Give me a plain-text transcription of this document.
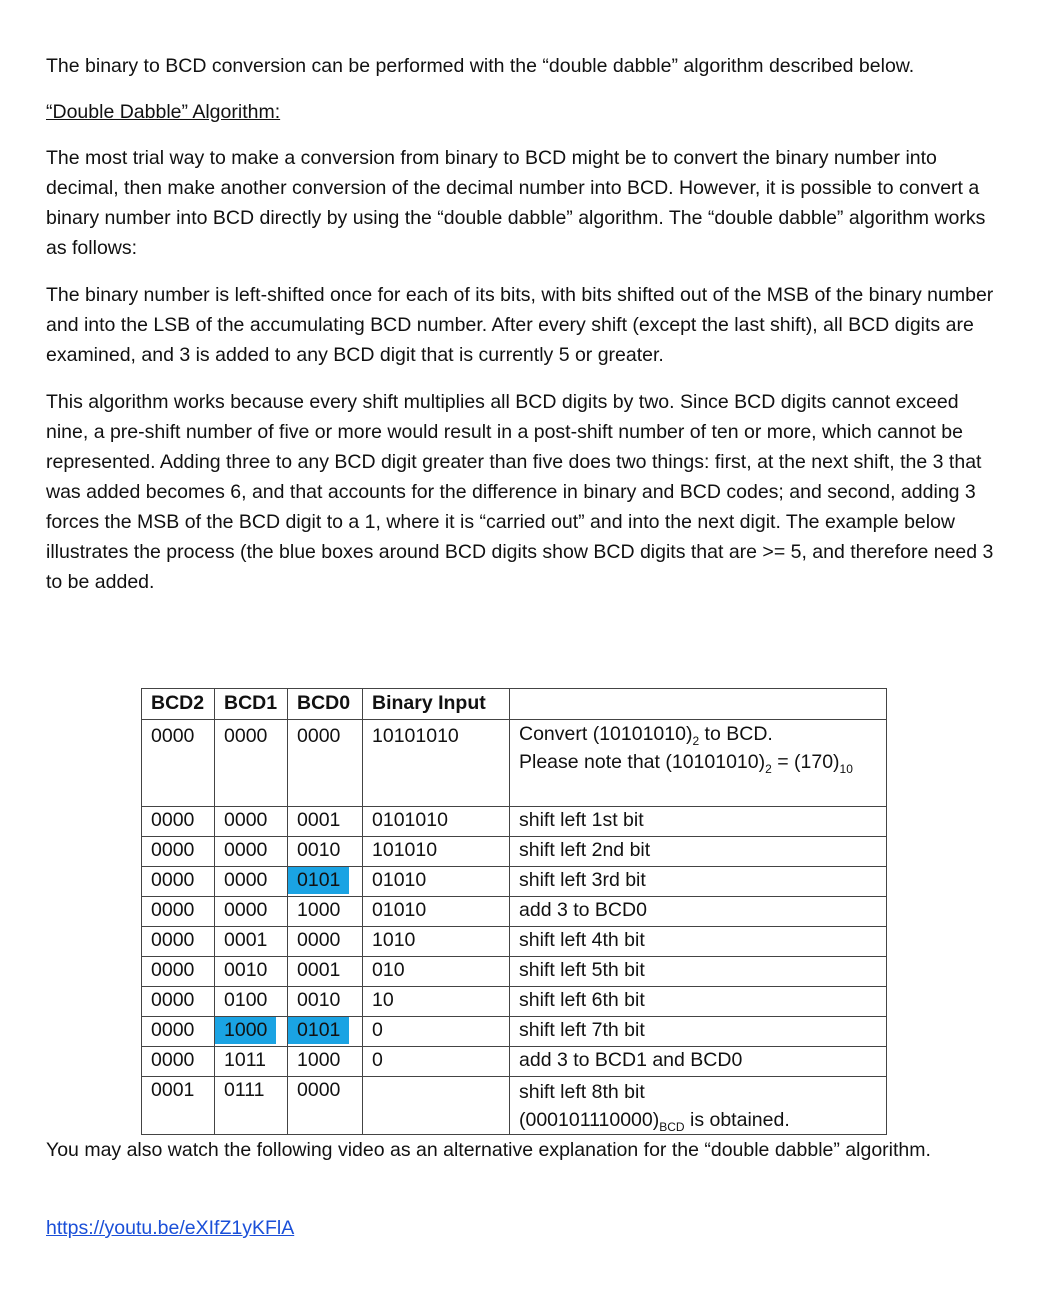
The binary to BCD conversion can be performed with the “double dabble” algorithm described below.

“Double Dabble” Algorithm:

The most trial way to make a conversion from binary to BCD might be to convert the binary number into decimal, then make another conversion of the decimal number into BCD. However, it is possible to convert a binary number into BCD directly by using the “double dabble” algorithm. The “double dabble” algorithm works as follows:

The binary number is left-shifted once for each of its bits, with bits shifted out of the MSB of the binary number and into the LSB of the accumulating BCD number. After every shift (except the last shift), all BCD digits are examined, and 3 is added to any BCD digit that is currently 5 or greater.

This algorithm works because every shift multiplies all BCD digits by two. Since BCD digits cannot exceed nine, a pre-shift number of five or more would result in a post-shift number of ten or more, which cannot be represented. Adding three to any BCD digit greater than five does two things: first, at the next shift, the 3 that was added becomes 6, and that accounts for the difference in binary and BCD codes; and second, adding 3 forces the MSB of the BCD digit to a 1, where it is “carried out” and into the next digit. The example below illustrates the process (the blue boxes around BCD digits show BCD digits that are >= 5, and therefore need 3 to be added.

BCD2	BCD1	BCD0	Binary Input	
0000	0000	0000	10101010	Convert $(10101010)_2$ to BCD.
Please note that $(10101010)_2 = (170)_{10}$

0000	0000	0001	0101010	shift left 1st bit
0000	0000	0010	101010	shift left 2nd bit
0000	0000	0101	01010	shift left 3rd bit
0000	0000	1000	01010	add 3 to BCD0
0000	0001	0000	1010	shift left 4th bit
0000	0010	0001	010	shift left 5th bit
0000	0100	0010	10	shift left 6th bit
0000	1000	0101	0	shift left 7th bit
0000	1011	1000	0	add 3 to BCD1 and BCD0
0001	0111	0000		shift left 8th bit
$(000101110000)_{BCD}$ is obtained.

You may also watch the following video as an alternative explanation for the “double dabble” algorithm.

https://youtu.be/eXIfZ1yKFlA
